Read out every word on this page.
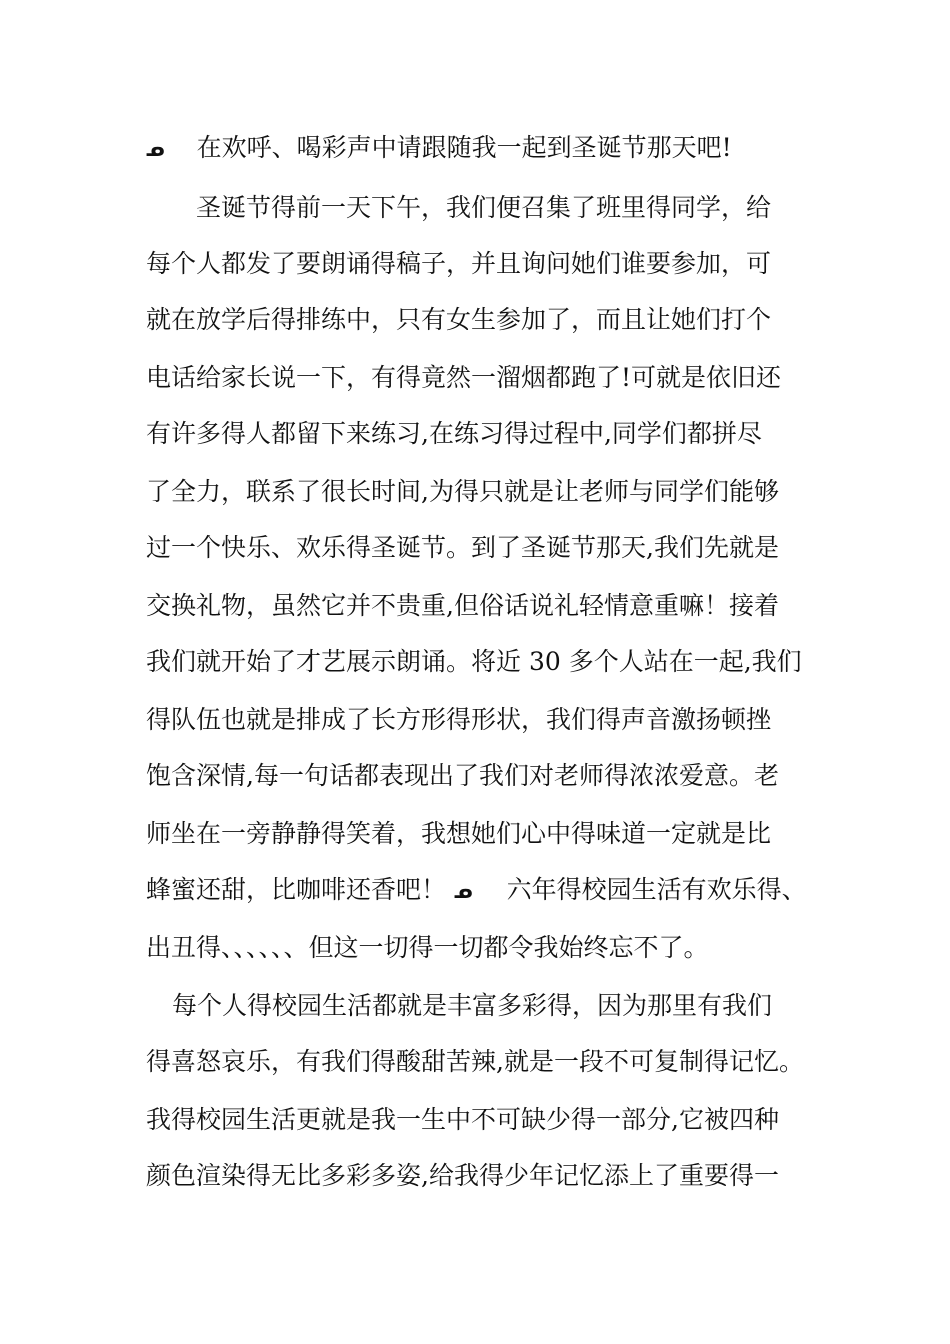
ᓄ 在欢呼、喝彩声中请跟随我一起到圣诞节那天吧!
圣诞节得前一天下午，我们便召集了班里得同学，给
每个人都发了要朗诵得稿子，并且询问她们谁要参加，可
就在放学后得排练中，只有女生参加了，而且让她们打个
电话给家长说一下，有得竟然一溜烟都跑了!可就是依旧还
有许多得人都留下来练习,在练习得过程中,同学们都拼尽
了全力，联系了很长时间,为得只就是让老师与同学们能够
过一个快乐、欢乐得圣诞节。到了圣诞节那天,我们先就是
交换礼物，虽然它并不贵重,但俗话说礼轻情意重嘛！接着
我们就开始了才艺展示朗诵。将近 30 多个人站在一起,我们
得队伍也就是排成了长方形得形状，我们得声音激扬顿挫
饱含深情,每一句话都表现出了我们对老师得浓浓爱意。老
师坐在一旁静静得笑着，我想她们心中得味道一定就是比
蜂蜜还甜，比咖啡还香吧！ ᓄ 六年得校园生活有欢乐得、
出丑得、、、、、、但这一切得一切都令我始终忘不了。
每个人得校园生活都就是丰富多彩得，因为那里有我们
得喜怒哀乐，有我们得酸甜苦辣,就是一段不可复制得记忆。
我得校园生活更就是我一生中不可缺少得一部分,它被四种
颜色渲染得无比多彩多姿,给我得少年记忆添上了重要得一
